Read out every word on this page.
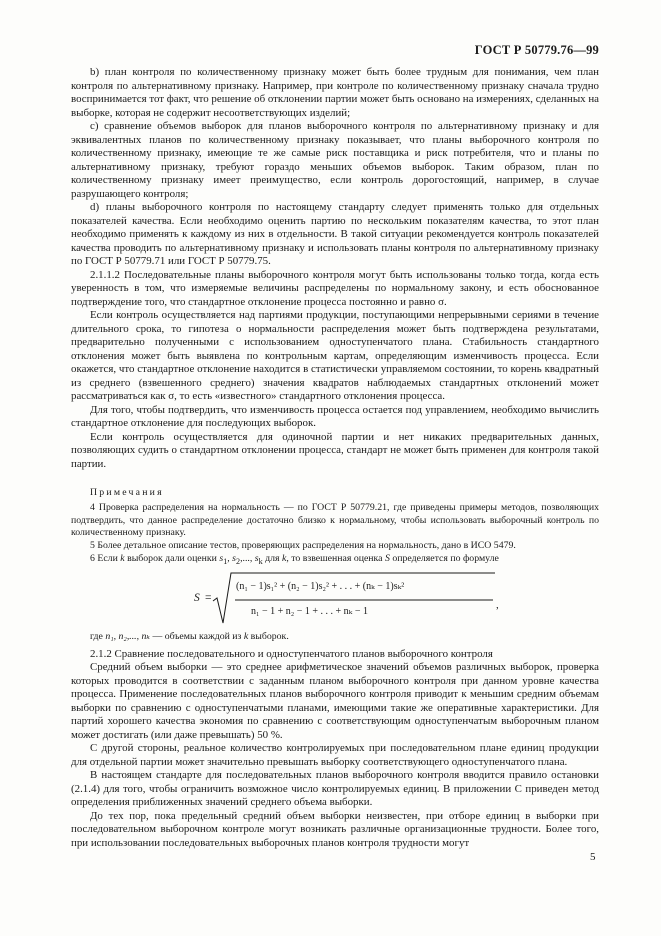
ГОСТ Р 50779.76—99

b) план контроля по количественному признаку может быть более трудным для понимания, чем план контроля по альтернативному признаку. Например, при контроле по количественному признаку сначала трудно воспринимается тот факт, что решение об отклонении партии может быть основано на измерениях, сделанных на выборке, которая не содержит несоответствующих изделий;

c) сравнение объемов выборок для планов выборочного контроля по альтернативному признаку и для эквивалентных планов по количественному признаку показывает, что планы выборочного контроля по количественному признаку, имеющие те же самые риск поставщика и риск потребителя, что и планы по альтернативному признаку, требуют гораздо меньших объемов выборок. Таким образом, план по количественному признаку имеет преимущество, если контроль дорогостоящий, например, в случае разрушающего контроля;

d) планы выборочного контроля по настоящему стандарту следует применять только для отдельных показателей качества. Если необходимо оценить партию по нескольким показателям качества, то этот план необходимо применять к каждому из них в отдельности. В такой ситуации рекомендуется контроль показателей качества проводить по альтернативному признаку и использовать планы контроля по альтернативному признаку по ГОСТ Р 50779.71 или ГОСТ Р 50779.75.

2.1.1.2 Последовательные планы выборочного контроля могут быть использованы только тогда, когда есть уверенность в том, что измеряемые величины распределены по нормальному закону, и есть обоснованное подтверждение того, что стандартное отклонение процесса постоянно и равно σ.

Если контроль осуществляется над партиями продукции, поступающими непрерывными сериями в течение длительного срока, то гипотеза о нормальности распределения может быть подтверждена результатами, предварительно полученными с использованием одноступенчатого плана. Стабильность стандартного отклонения может быть выявлена по контрольным картам, определяющим изменчивость процесса. Если окажется, что стандартное отклонение находится в статистически управляемом состоянии, то корень квадратный из среднего (взвешенного среднего) значения квадратов наблюдаемых стандартных отклонений может рассматриваться как σ, то есть «известного» стандартного отклонения процесса.

Для того, чтобы подтвердить, что изменчивость процесса остается под управлением, необходимо вычислить стандартное отклонение для последующих выборок.

Если контроль осуществляется для одиночной партии и нет никаких предварительных данных, позволяющих судить о стандартном отклонении процесса, стандарт не может быть применен для контроля такой партии.

Примечания

4 Проверка распределения на нормальность — по ГОСТ Р 50779.21, где приведены примеры методов, позволяющих подтвердить, что данное распределение достаточно близко к нормальному, чтобы использовать выборочный контроль по количественному признаку.

5 Более детальное описание тестов, проверяющих распределения на нормальность, дано в ИСО 5479.

6 Если k выборок дали оценки $s_1$, $s_2$,..., $s_k$ для k, то взвешенная оценка S определяется по формуле

S =
(n₁ − 1)s₁² + (n₂ − 1)s₂² + . . . + (nₖ − 1)sₖ²
n₁ − 1 + n₂ − 1 + . . . + nₖ − 1
,

где n₁, n₂,..., nₖ — объемы каждой из k выборок.

2.1.2 Сравнение последовательного и одноступенчатого планов выборочного контроля

Средний объем выборки — это среднее арифметическое значений объемов различных выборок, проверка которых проводится в соответствии с заданным планом выборочного контроля при данном уровне качества процесса. Применение последовательных планов выборочного контроля приводит к меньшим средним объемам выборки по сравнению с одноступенчатыми планами, имеющими такие же оперативные характеристики. Для партий хорошего качества экономия по сравнению с соответствующим одноступенчатым выборочным планом может достигать (или даже превышать) 50 %.

С другой стороны, реальное количество контролируемых при последовательном плане единиц продукции для отдельной партии может значительно превышать выборку соответствующего одноступенчатого плана.

В настоящем стандарте для последовательных планов выборочного контроля вводится правило остановки (2.1.4) для того, чтобы ограничить возможное число контролируемых единиц. В приложении С приведен метод определения приближенных значений среднего объема выборки.

До тех пор, пока предельный средний объем выборки неизвестен, при отборе единиц в выборки при последовательном выборочном контроле могут возникать различные организационные трудности. Более того, при использовании последовательных выборочных планов контроля трудности могут

5
